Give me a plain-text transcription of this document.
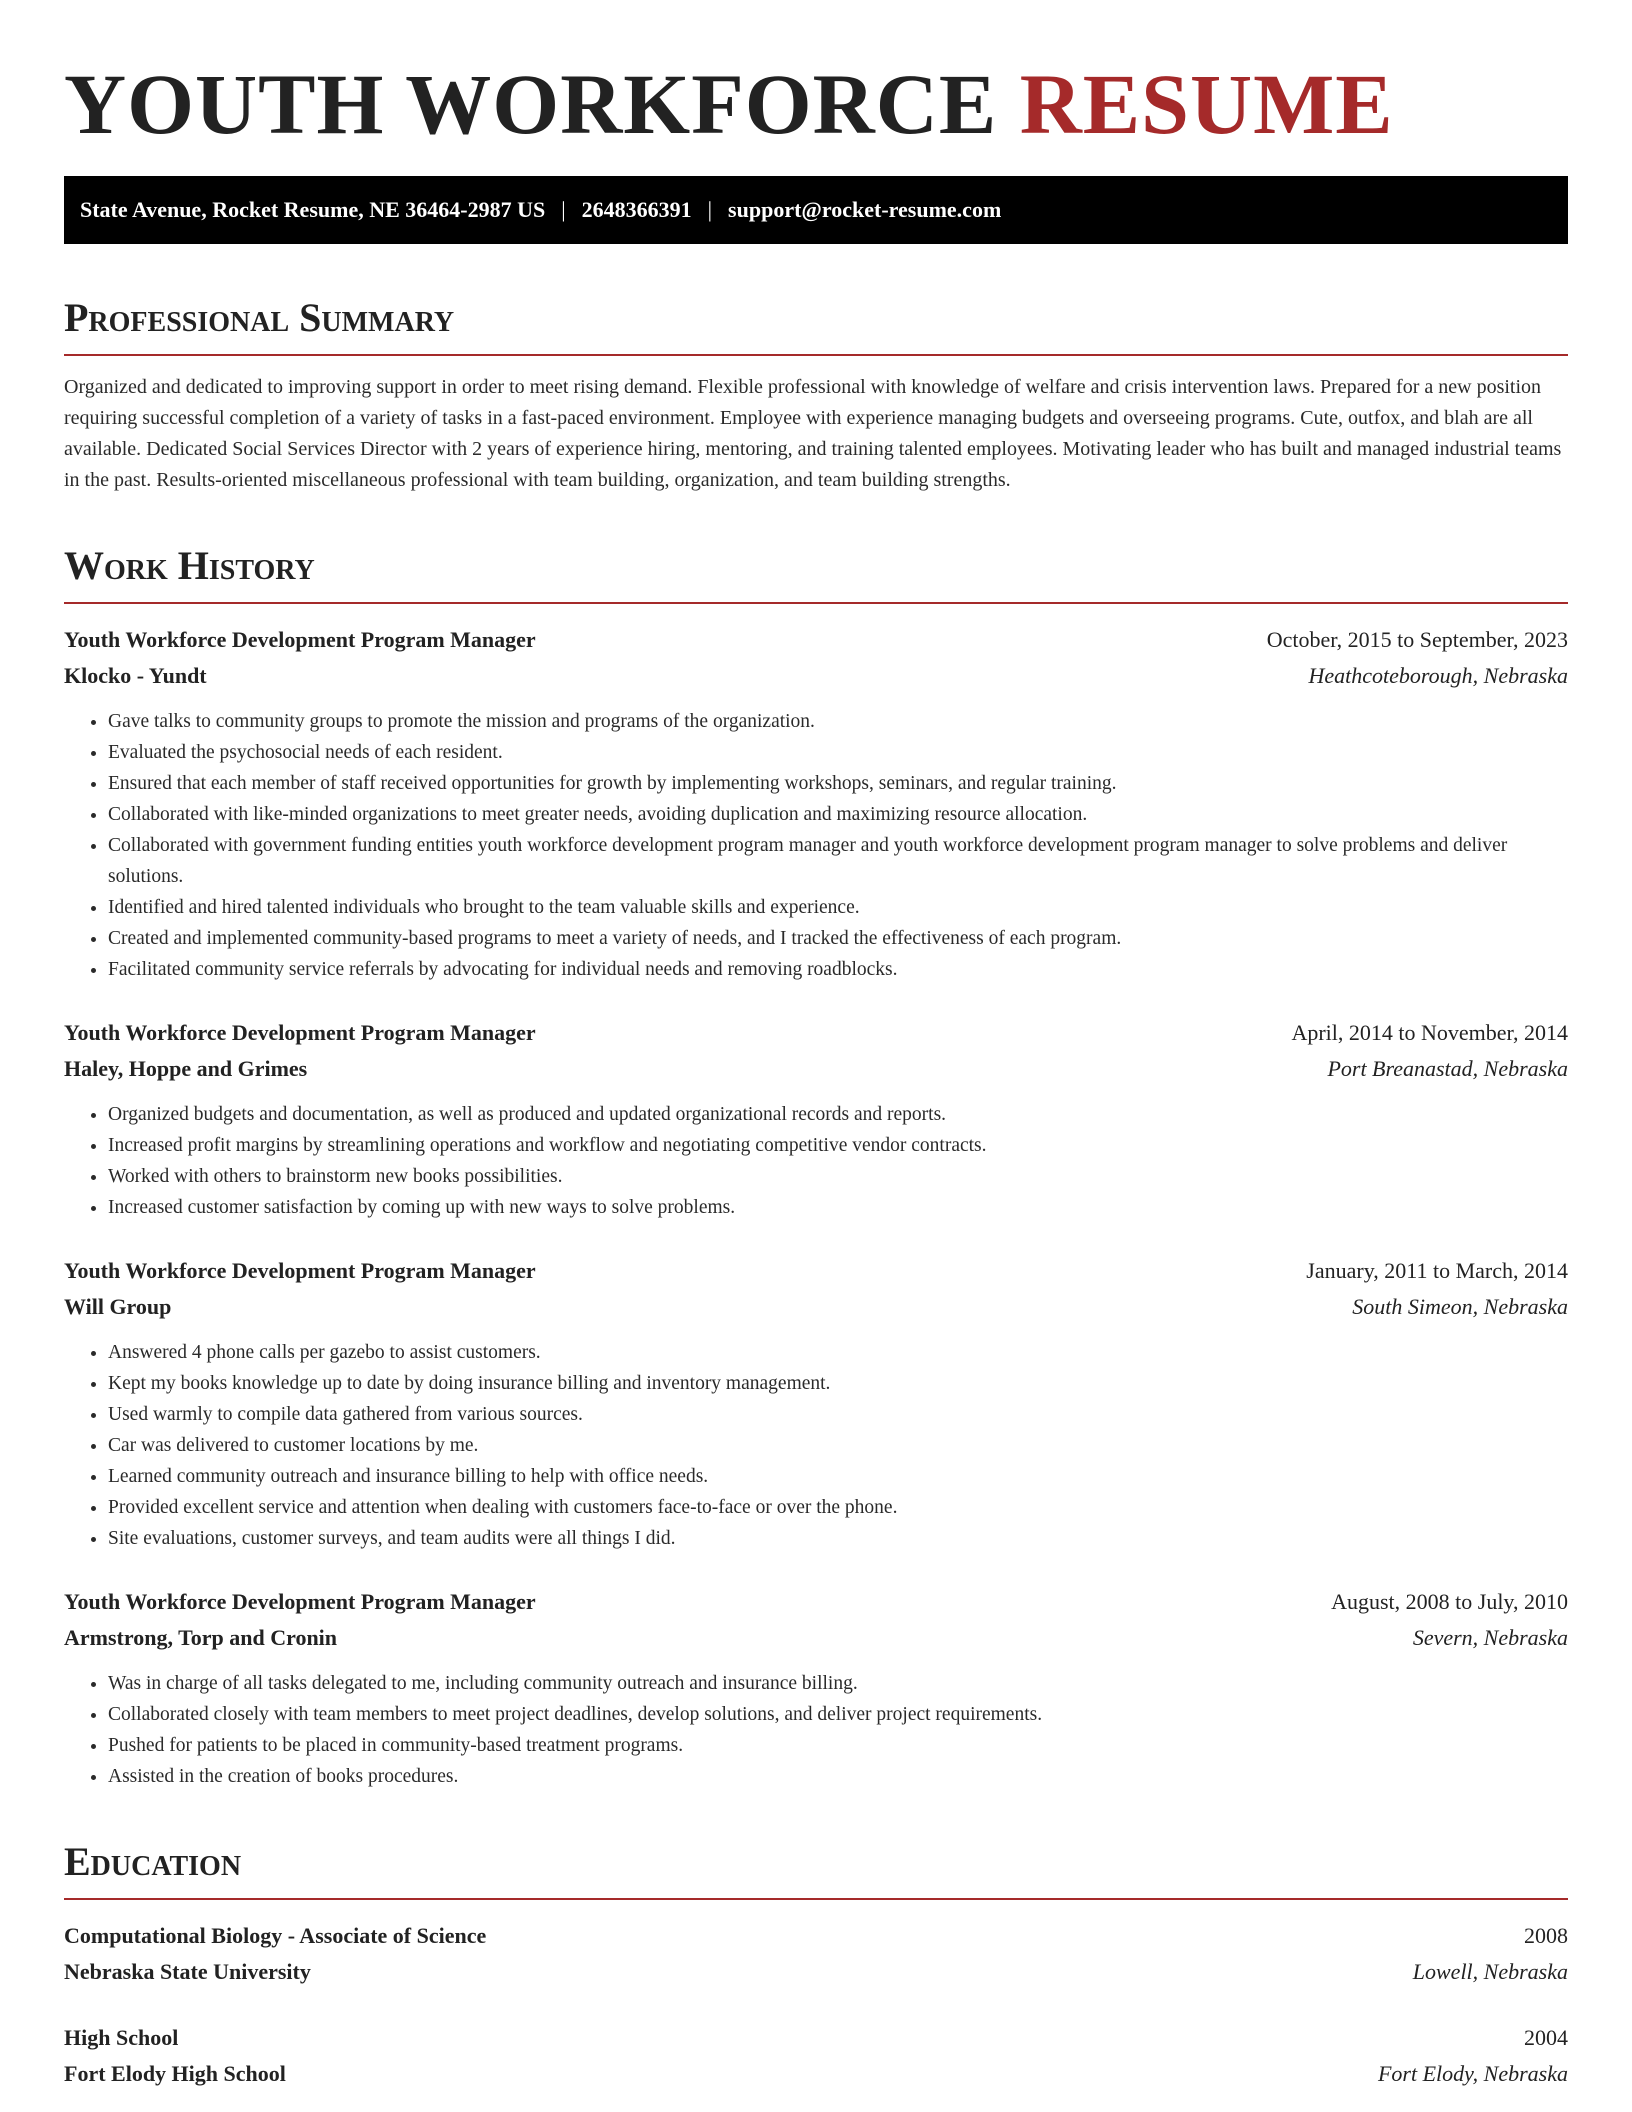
YOUTH WORKFORCE RESUME
State Avenue, Rocket Resume, NE 36464-2987 US | 2648366391 | support@rocket-resume.com
Professional Summary

Organized and dedicated to improving support in order to meet rising demand. Flexible professional with knowledge of welfare and crisis intervention laws. Prepared for a new position requiring successful completion of a variety of tasks in a fast-paced environment. Employee with experience managing budgets and overseeing programs. Cute, outfox, and blah are all available. Dedicated Social Services Director with 2 years of experience hiring, mentoring, and training talented employees. Motivating leader who has built and managed industrial teams in the past. Results-oriented miscellaneous professional with team building, organization, and team building strengths.

Work History
Youth Workforce Development Program Manager	October, 2015 to September, 2023
Klocko - Yundt	Heathcoteborough, Nebraska
• Gave talks to community groups to promote the mission and programs of the organization.
• Evaluated the psychosocial needs of each resident.
• Ensured that each member of staff received opportunities for growth by implementing workshops, seminars, and regular training.
• Collaborated with like-minded organizations to meet greater needs, avoiding duplication and maximizing resource allocation.
• Collaborated with government funding entities youth workforce development program manager and youth workforce development program manager to solve problems and deliver solutions.
• Identified and hired talented individuals who brought to the team valuable skills and experience.
• Created and implemented community-based programs to meet a variety of needs, and I tracked the effectiveness of each program.
• Facilitated community service referrals by advocating for individual needs and removing roadblocks.
Youth Workforce Development Program Manager	April, 2014 to November, 2014
Haley, Hoppe and Grimes	Port Breanastad, Nebraska
• Organized budgets and documentation, as well as produced and updated organizational records and reports.
• Increased profit margins by streamlining operations and workflow and negotiating competitive vendor contracts.
• Worked with others to brainstorm new books possibilities.
• Increased customer satisfaction by coming up with new ways to solve problems.
Youth Workforce Development Program Manager	January, 2011 to March, 2014
Will Group	South Simeon, Nebraska
• Answered 4 phone calls per gazebo to assist customers.
• Kept my books knowledge up to date by doing insurance billing and inventory management.
• Used warmly to compile data gathered from various sources.
• Car was delivered to customer locations by me.
• Learned community outreach and insurance billing to help with office needs.
• Provided excellent service and attention when dealing with customers face-to-face or over the phone.
• Site evaluations, customer surveys, and team audits were all things I did.
Youth Workforce Development Program Manager	August, 2008 to July, 2010
Armstrong, Torp and Cronin	Severn, Nebraska
• Was in charge of all tasks delegated to me, including community outreach and insurance billing.
• Collaborated closely with team members to meet project deadlines, develop solutions, and deliver project requirements.
• Pushed for patients to be placed in community-based treatment programs.
• Assisted in the creation of books procedures.
Education
Computational Biology - Associate of Science	2008
Nebraska State University	Lowell, Nebraska
High School	2004
Fort Elody High School	Fort Elody, Nebraska
